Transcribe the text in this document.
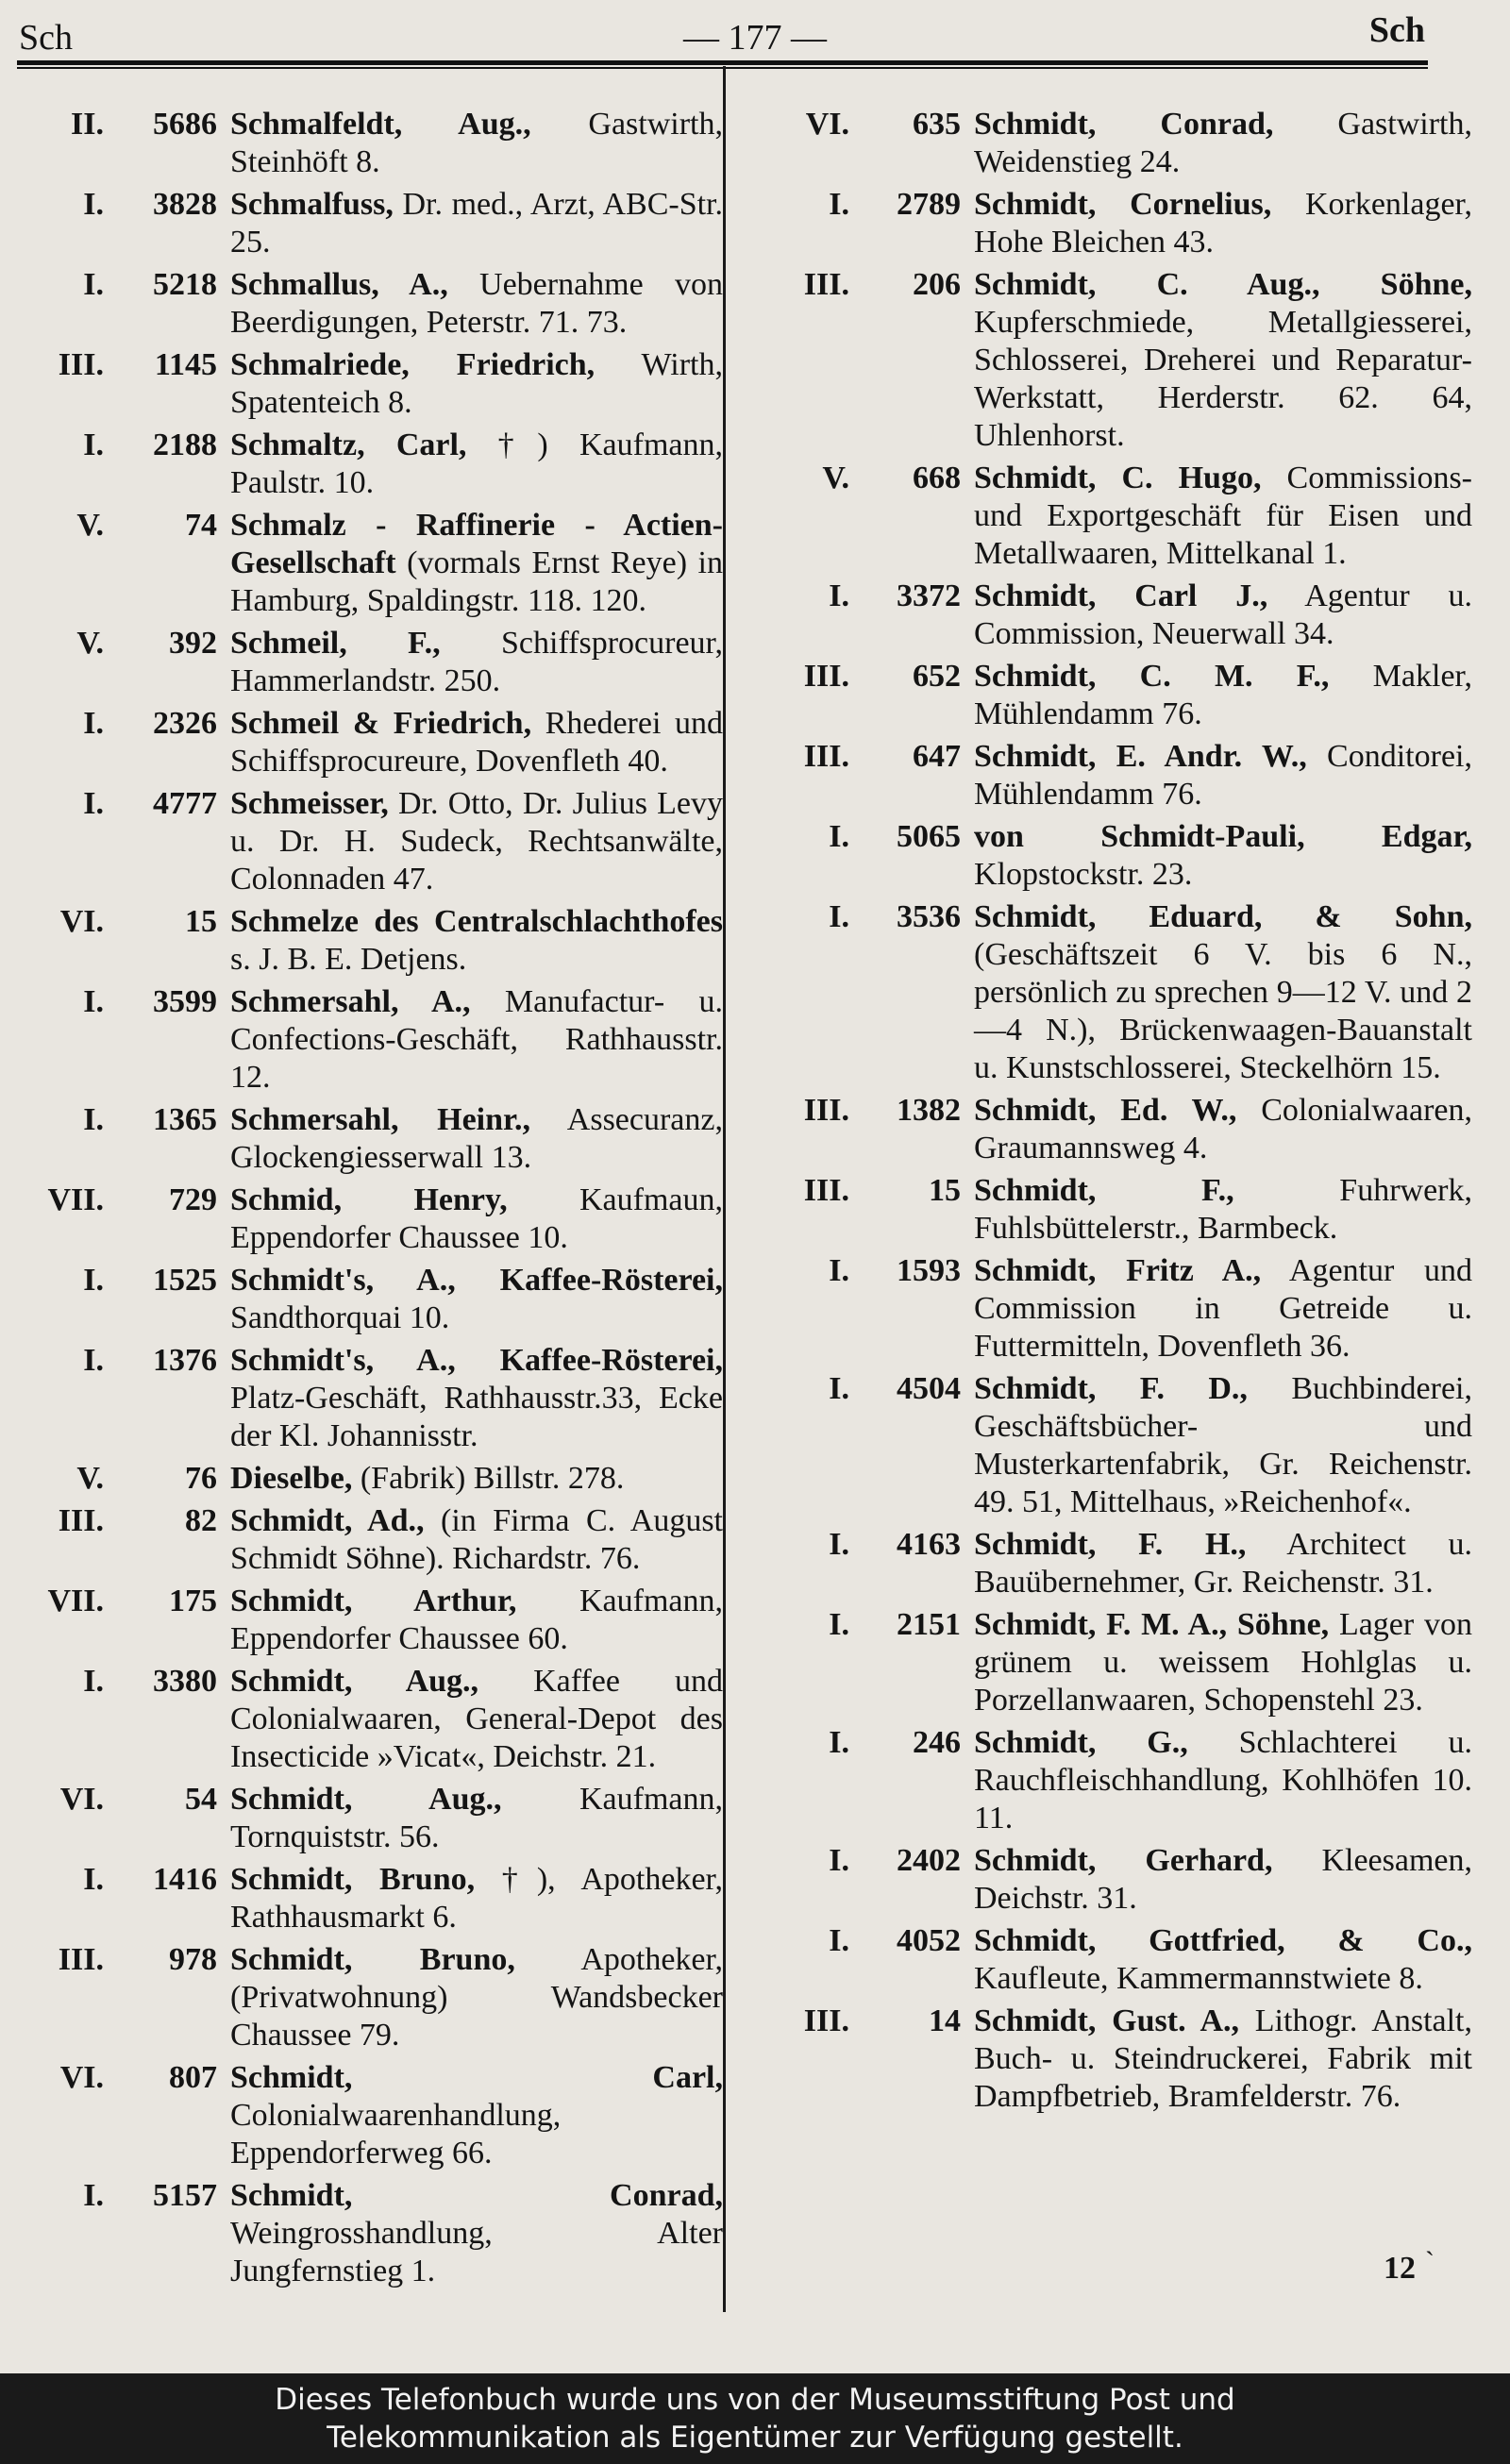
Sch	— 177 —	Sch
II.	5686 Schmalfeldt, Aug., Gastwirth, Steinhöft 8.
I.	3828 Schmalfuss, Dr. med., Arzt, ABC-Str. 25.
I.	5218 Schmallus, A., Uebernahme von Beerdigungen, Peterstr. 71. 73.
III.	1145 Schmalriede, Friedrich, Wirth, Spatenteich 8.
I.	2188 Schmaltz, Carl, †) Kaufmann, Paulstr. 10.
V.	74 Schmalz - Raffinerie - Actien-Gesellschaft (vormals Ernst Reye) in Hamburg, Spaldingstr. 118. 120.
V.	392 Schmeil, F., Schiffsprocureur, Hammerlandstr. 250.
I.	2326 Schmeil & Friedrich, Rhederei und Schiffsprocureure, Dovenfleth 40.
I.	4777 Schmeisser, Dr. Otto, Dr. Julius Levy u. Dr. H. Sudeck, Rechtsanwälte, Colonnaden 47.
VI.	15 Schmelze des Centralschlachthofes s. J. B. E. Detjens.
I.	3599 Schmersahl, A., Manufactur- u. Confections-Geschäft, Rathhausstr. 12.
I.	1365 Schmersahl, Heinr., Assecuranz, Glockengiesserwall 13.
VII.	729 Schmid, Henry, Kaufmaun, Eppendorfer Chaussee 10.
I.	1525 Schmidt's, A., Kaffee-Rösterei, Sandthorquai 10.
I.	1376 Schmidt's, A., Kaffee-Rösterei, Platz-Geschäft, Rathhausstr.33, Ecke der Kl. Johannisstr.
V.	76 Dieselbe, (Fabrik) Billstr. 278.
III.	82 Schmidt, Ad., (in Firma C. August Schmidt Söhne). Richardstr. 76.
VII.	175 Schmidt, Arthur, Kaufmann, Eppendorfer Chaussee 60.
I.	3380 Schmidt, Aug., Kaffee und Colonialwaaren, General-Depot des Insecticide »Vicat«, Deichstr. 21.
VI.	54 Schmidt, Aug., Kaufmann, Tornquiststr. 56.
I.	1416 Schmidt, Bruno, †), Apotheker, Rathhausmarkt 6.
III.	978 Schmidt, Bruno, Apotheker, (Privatwohnung) Wandsbecker Chaussee 79.
VI.	807 Schmidt, Carl, Colonialwaarenhandlung, Eppendorferweg 66.
I.	5157 Schmidt, Conrad, Weingrosshandlung, Alter Jungfernstieg 1.
VI.	635 Schmidt, Conrad, Gastwirth, Weidenstieg 24.
I.	2789 Schmidt, Cornelius, Korkenlager, Hohe Bleichen 43.
III.	206 Schmidt, C. Aug., Söhne, Kupferschmiede, Metallgiesserei, Schlosserei, Dreherei und Reparatur-Werkstatt, Herderstr. 62. 64, Uhlenhorst.
V.	668 Schmidt, C. Hugo, Commissions- und Exportgeschäft für Eisen und Metallwaaren, Mittelkanal 1.
I.	3372 Schmidt, Carl J., Agentur u. Commission, Neuerwall 34.
III.	652 Schmidt, C. M. F., Makler, Mühlendamm 76.
III.	647 Schmidt, E. Andr. W., Conditorei, Mühlendamm 76.
I.	5065 von Schmidt-Pauli, Edgar, Klopstockstr. 23.
I.	3536 Schmidt, Eduard, & Sohn, (Geschäftszeit 6 V. bis 6 N., persönlich zu sprechen 9—12 V. und 2—4 N.), Brückenwaagen-Bauanstalt u. Kunstschlosserei, Steckelhörn 15.
III.	1382 Schmidt, Ed. W., Colonialwaaren, Graumannsweg 4.
III.	15 Schmidt, F., Fuhrwerk, Fuhlsbüttelerstr., Barmbeck.
I.	1593 Schmidt, Fritz A., Agentur und Commission in Getreide u. Futtermitteln, Dovenfleth 36.
I.	4504 Schmidt, F. D., Buchbinderei, Geschäftsbücher- und Musterkartenfabrik, Gr. Reichenstr. 49. 51, Mittelhaus, »Reichenhof«.
I.	4163 Schmidt, F. H., Architect u. Bauübernehmer, Gr. Reichenstr. 31.
I.	2151 Schmidt, F. M. A., Söhne, Lager von grünem u. weissem Hohlglas u. Porzellanwaaren, Schopenstehl 23.
I.	246 Schmidt, G., Schlachterei u. Rauchfleischhandlung, Kohlhöfen 10. 11.
I.	2402 Schmidt, Gerhard, Kleesamen, Deichstr. 31.
I.	4052 Schmidt, Gottfried, & Co., Kaufleute, Kammermannstwiete 8.
III.	14 Schmidt, Gust. A., Lithogr. Anstalt, Buch- u. Steindruckerei, Fabrik mit Dampfbetrieb, Bramfelderstr. 76.
12 `
Dieses Telefonbuch wurde uns von der Museumsstiftung Post und
Telekommunikation als Eigentümer zur Verfügung gestellt.
